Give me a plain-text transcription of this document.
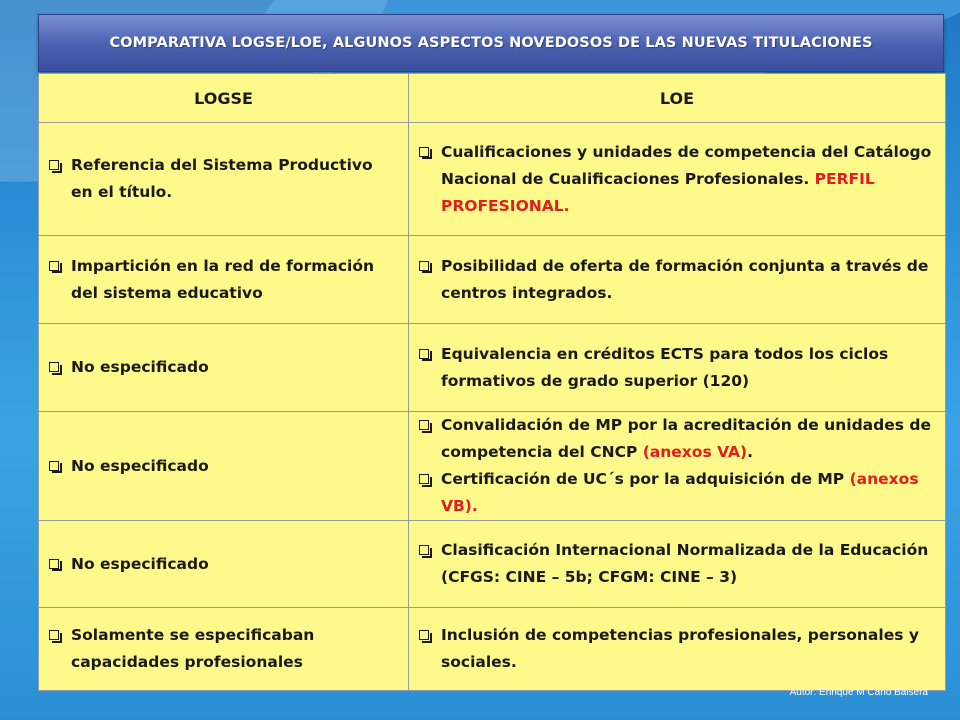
COMPARATIVA LOGSE/LOE, ALGUNOS ASPECTOS NOVEDOSOS DE LAS NUEVAS TITULACIONES
LOGSE	LOE

Referencia del Sistema Productivo en el título.	Cualificaciones y unidades de competencia del Catálogo Nacional de Cualificaciones Profesionales. PERFIL PROFESIONAL.

Impartición en la red de formación del sistema educativo	Posibilidad de oferta de formación conjunta a través de centros integrados.

No especificado	Equivalencia en créditos ECTS para todos los ciclos formativos de grado superior (120)

No especificado	Convalidación de MP por la acreditación de unidades de competencia del CNCP (anexos VA).
Certificación de UC´s por la adquisición de MP (anexos VB).

No especificado	Clasificación Internacional Normalizada de la Educación (CFGS: CINE – 5b; CFGM: CINE – 3)

Solamente se especificaban capacidades profesionales	Inclusión de competencias profesionales, personales y sociales.
Autor: Enrique M Cano Balsera
